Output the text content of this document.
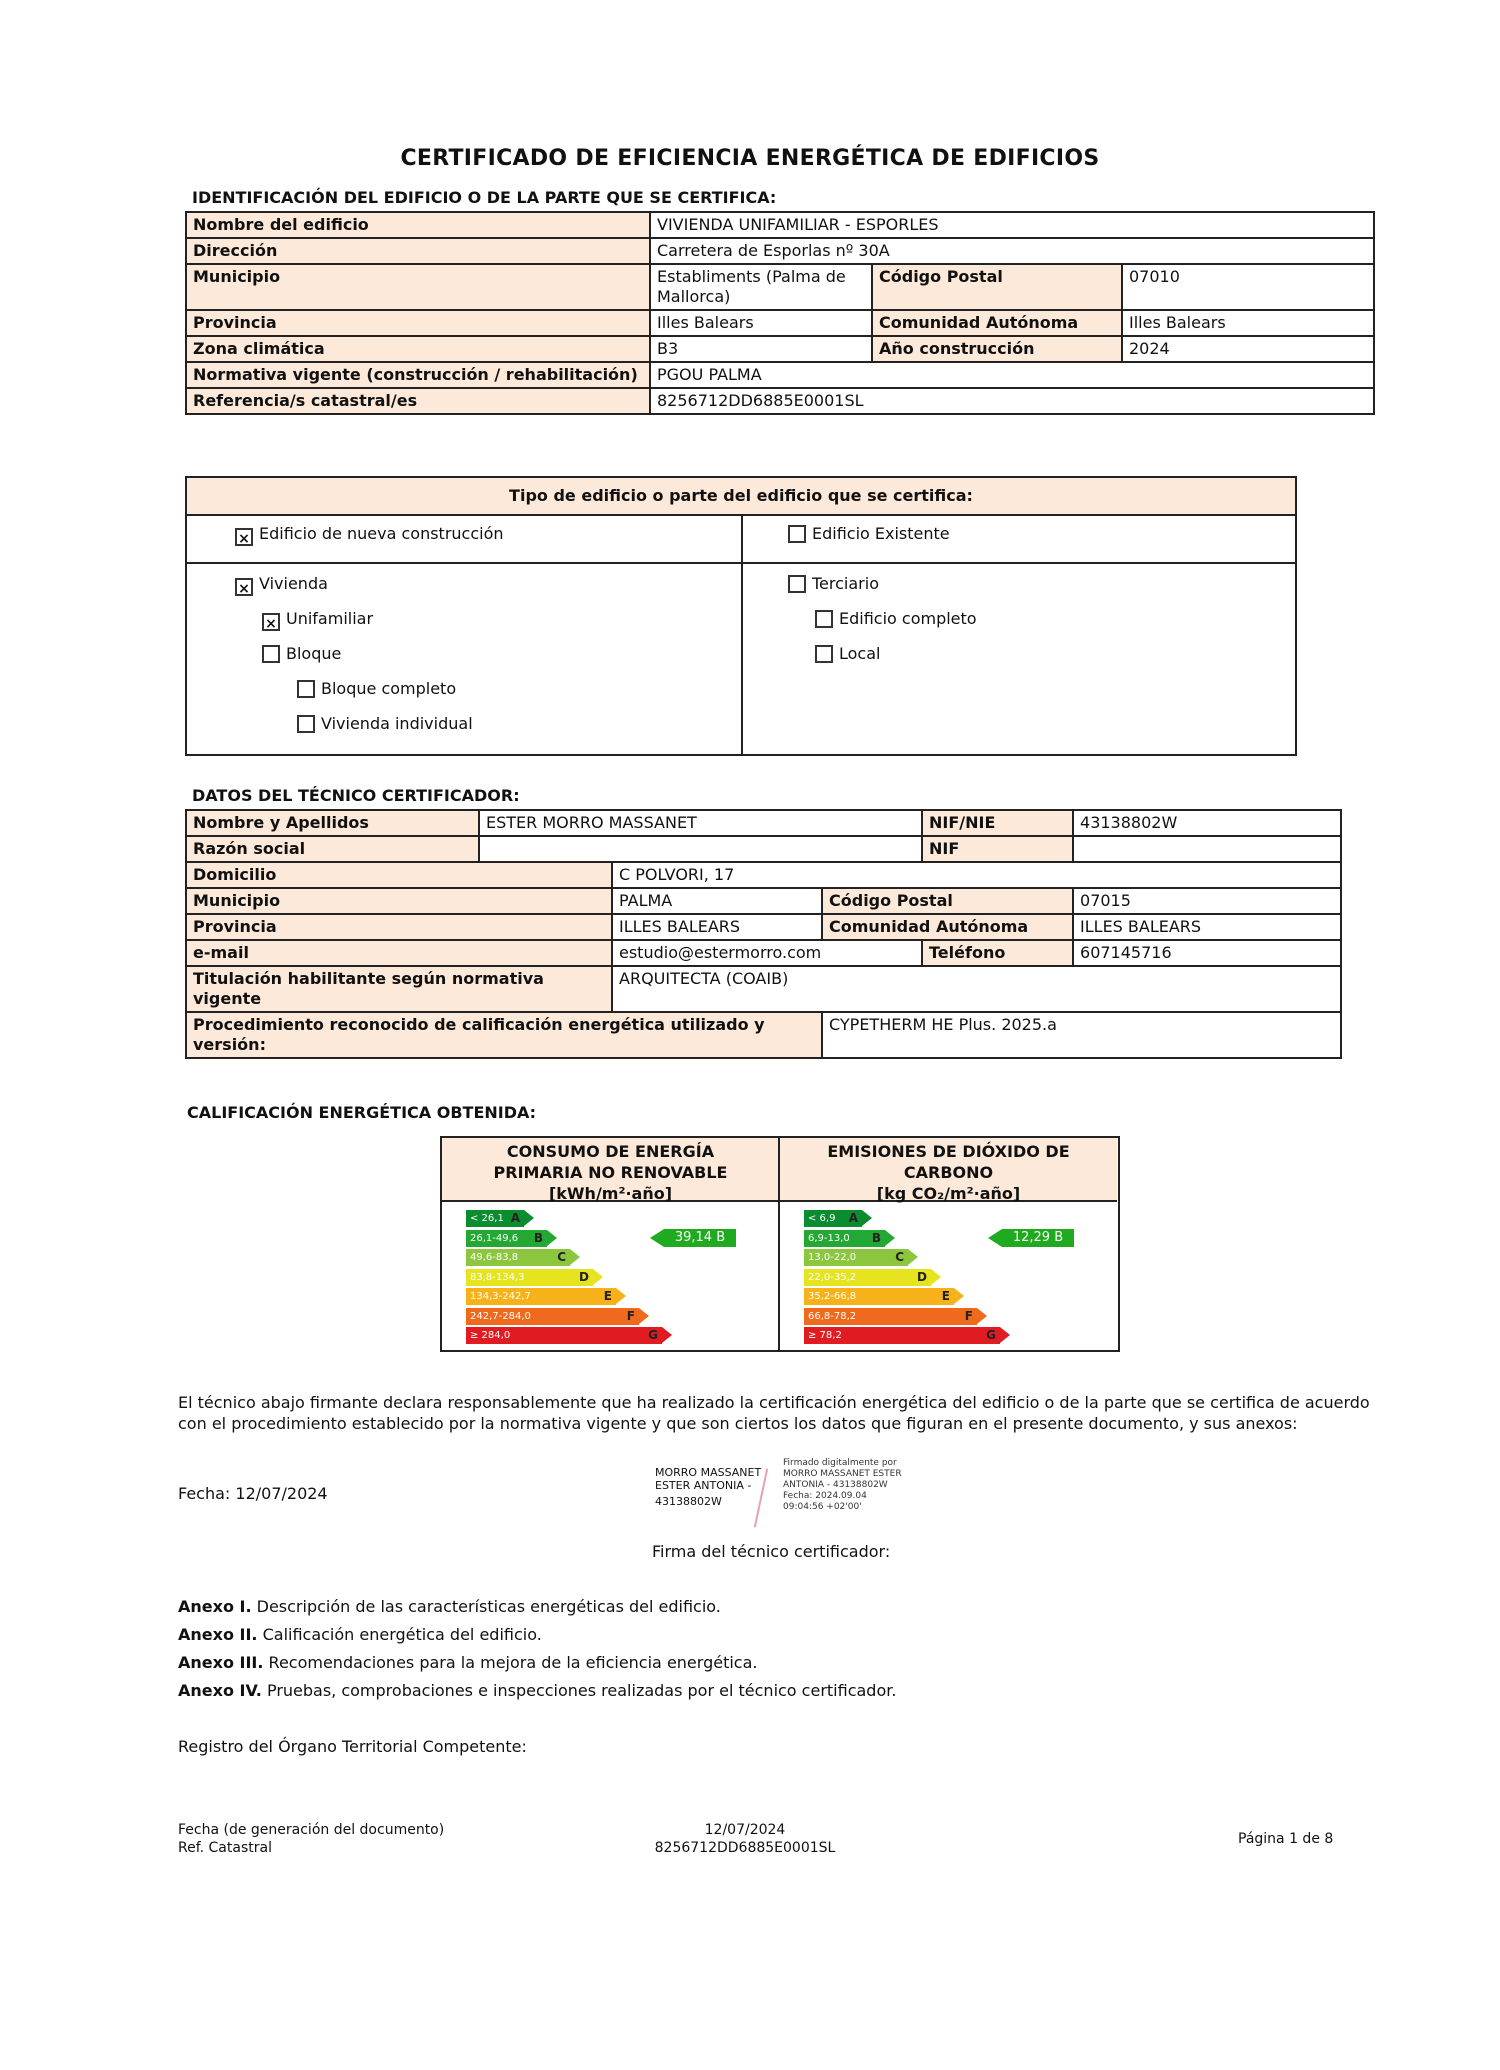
CERTIFICADO DE EFICIENCIA ENERGÉTICA DE EDIFICIOS
IDENTIFICACIÓN DEL EDIFICIO O DE LA PARTE QUE SE CERTIFICA:
Nombre del edificio	VIVIENDA UNIFAMILIAR - ESPORLES		
Dirección	Carretera de Esporlas nº 30A		
Municipio	Establiments (Palma de Mallorca)	Código Postal	07010
Provincia	Illes Balears	Comunidad Autónoma	Illes Balears
Zona climática	B3	Año construcción	2024
Normativa vigente (construcción / rehabilitación)	PGOU PALMA		
Referencia/s catastral/es	8256712DD6885E0001SL		
Tipo de edificio o parte del edificio que se certifica:
× Edificio de nueva construcción	Edificio Existente
× Vivienda
× Unifamiliar
Bloque
Bloque completo
Vivienda individual
Terciario
Edificio completo
Local
DATOS DEL TÉCNICO CERTIFICADOR:
Nombre y Apellidos	ESTER MORRO MASSANET			NIF/NIE	43138802W
Razón social				NIF	
Domicilio		C POLVORI, 17			
Municipio		PALMA	Código Postal		07015
Provincia		ILLES BALEARS	Comunidad Autónoma		ILLES BALEARS
e-mail		estudio@estermorro.com		Teléfono	607145716
Titulación habilitante según normativa vigente		ARQUITECTA (COAIB)			
Procedimiento reconocido de calificación energética utilizado y versión:			CYPETHERM HE Plus. 2025.a		
CALIFICACIÓN ENERGÉTICA OBTENIDA:
CONSUMO DE ENERGÍA
PRIMARIA NO RENOVABLE
[kWh/m²·año]
< 26,1 A
26,1-49,6 B
49,6-83,8	C
83,8-134,3	D
134,3-242,7	E
242,7-284,0	F
≥ 284,0	G
39,14 B
EMISIONES DE DIÓXIDO DE
CARBONO
[kg CO₂/m²·año]
< 6,9 A
6,9-13,0 B
13,0-22,0	C
22,0-35,2	D
35,2-66,8	E
66,8-78,2	F
≥ 78,2	G
12,29 B
El técnico abajo firmante declara responsablemente que ha realizado la certificación energética del edificio o de la parte que se certifica de acuerdo con el procedimiento establecido por la normativa vigente y que son ciertos los datos que figuran en el presente documento, y sus anexos:
Fecha: 12/07/2024
MORRO MASSANET
ESTER ANTONIA -
43138802W
Firmado digitalmente por
MORRO MASSANET ESTER
ANTONIA - 43138802W
Fecha: 2024.09.04
09:04:56 +02'00'
Firma del técnico certificador:
Anexo I. Descripción de las características energéticas del edificio.
Anexo II. Calificación energética del edificio.
Anexo III. Recomendaciones para la mejora de la eficiencia energética.
Anexo IV. Pruebas, comprobaciones e inspecciones realizadas por el técnico certificador.
Registro del Órgano Territorial Competente:
Fecha (de generación del documento)
Ref. Catastral
12/07/2024
8256712DD6885E0001SL
Página 1 de 8
